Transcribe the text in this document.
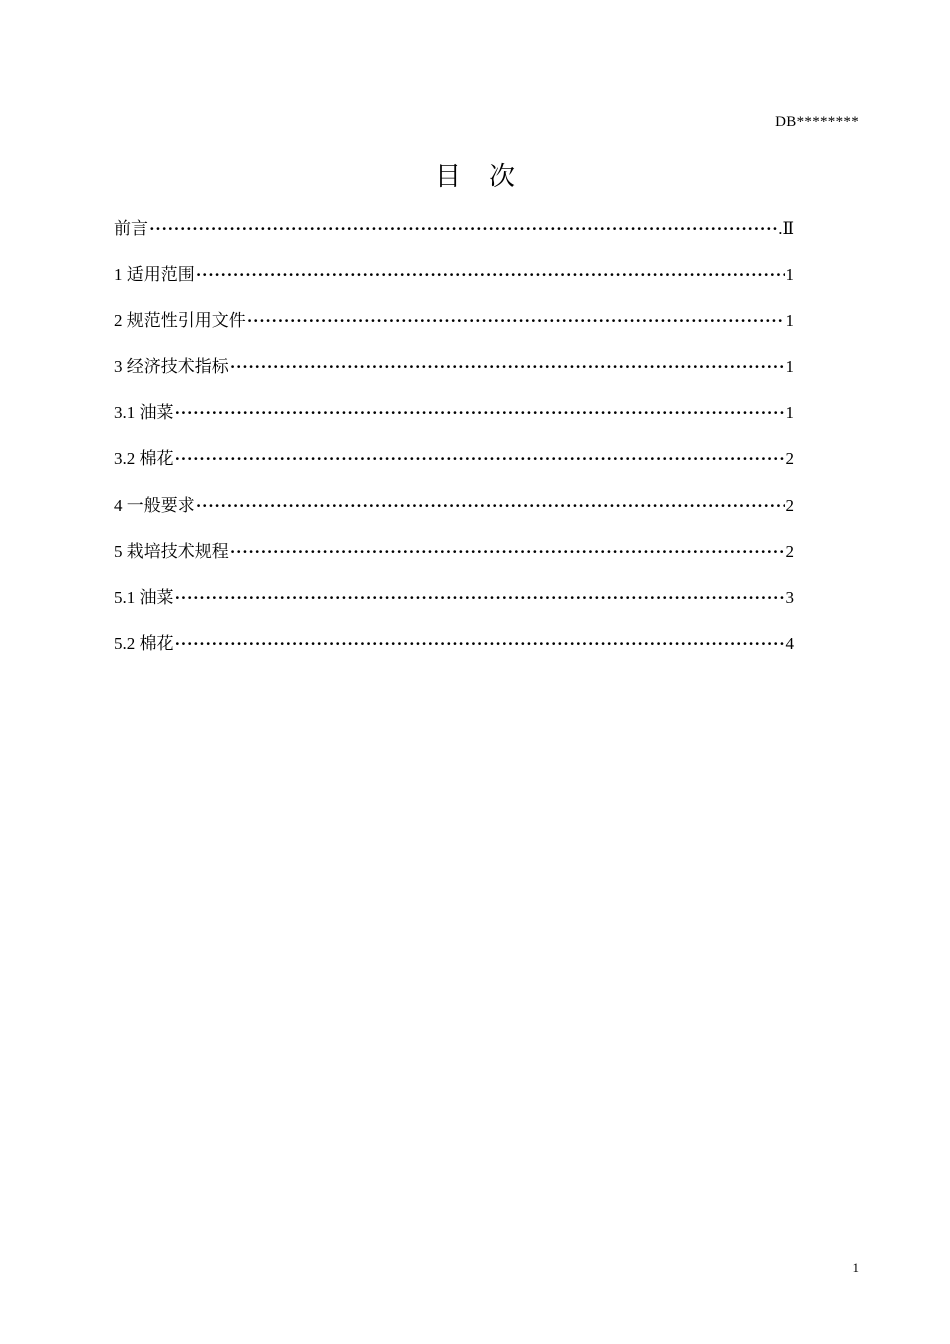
DB********
目 次
前言 ·····	.Ⅱ
1 适用范围 ·····	1
2 规范性引用文件 ·····	1
3 经济技术指标 ·····	1
3.1 油菜 ·····	1
3.2 棉花 ·····	2
4 一般要求 ·····	2
5 栽培技术规程 ·····	2
5.1 油菜 ·····	3
5.2 棉花 ·····	4
1
